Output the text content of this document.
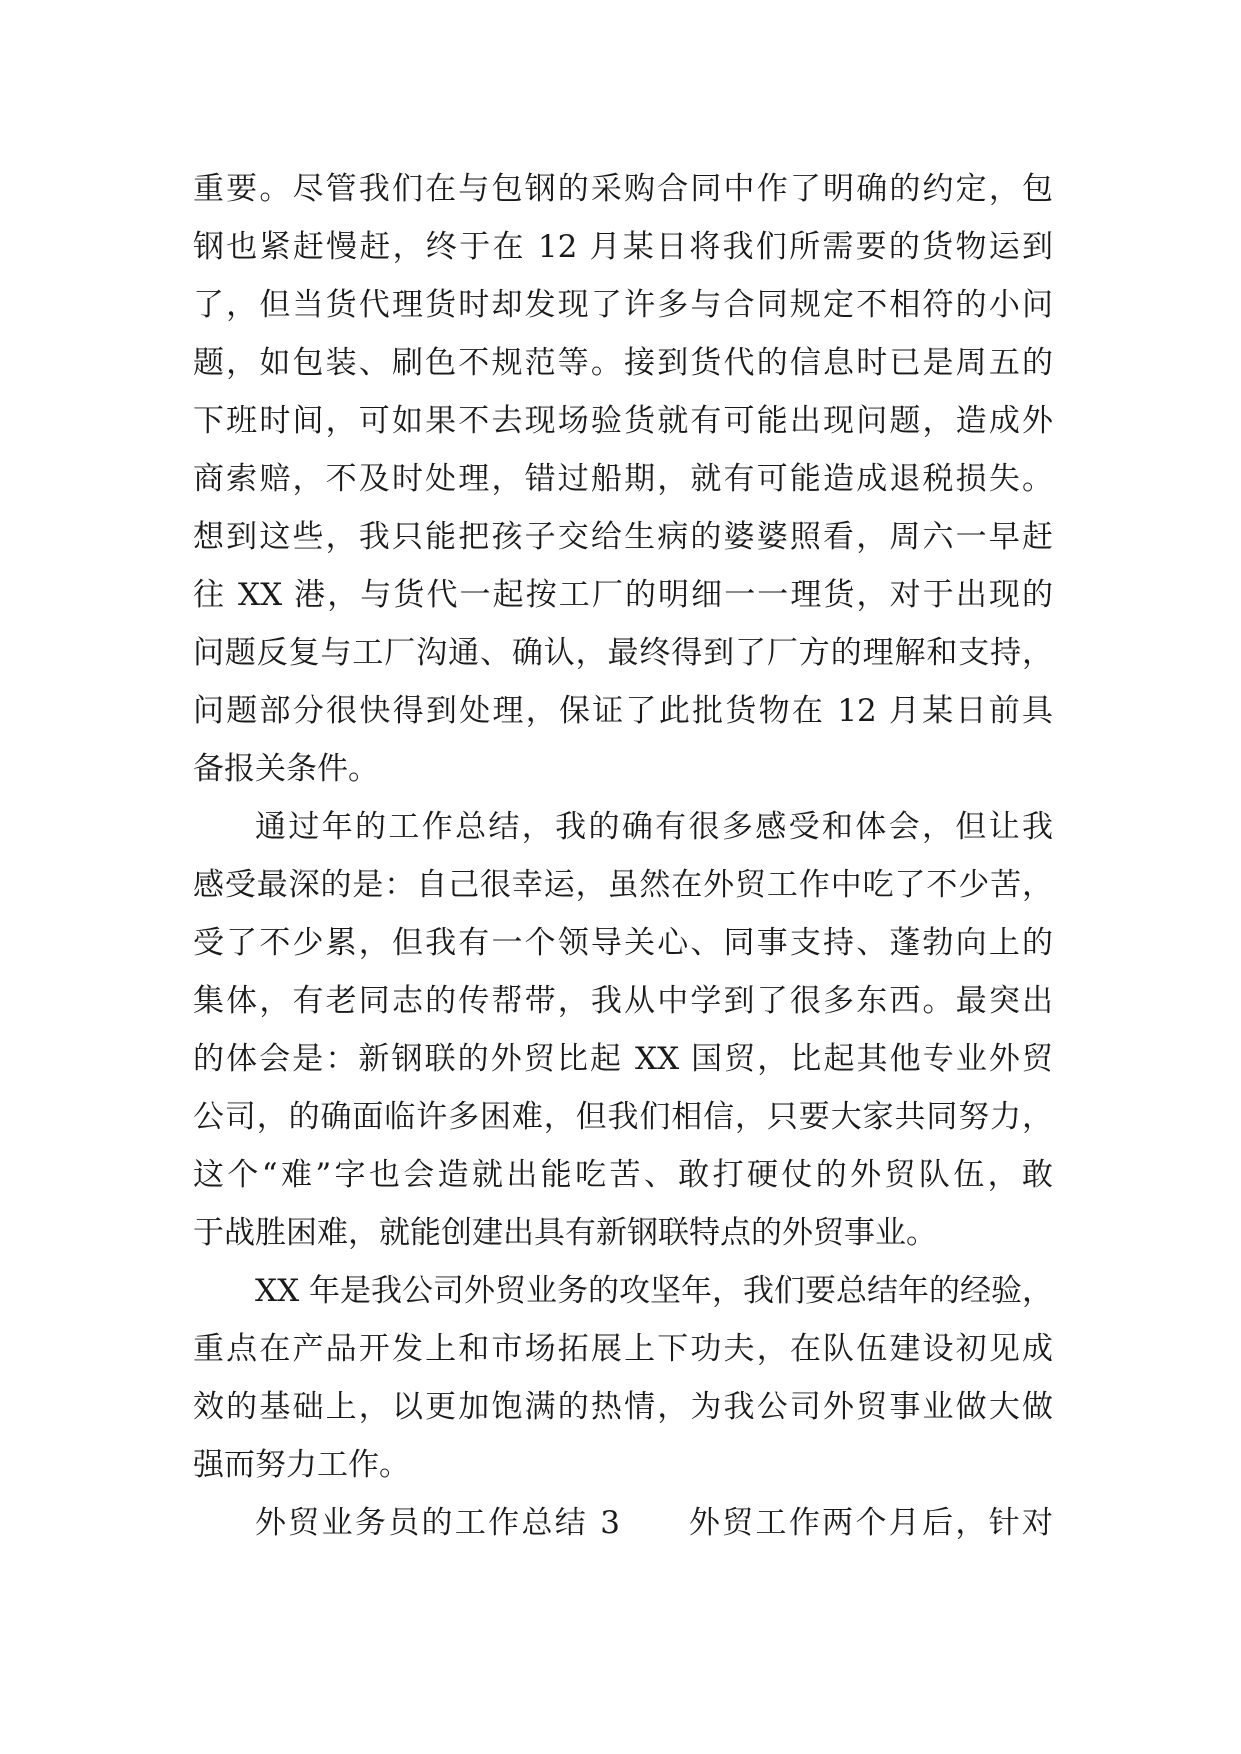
重要。尽管我们在与包钢的采购合同中作了明确的约定，包
钢也紧赶慢赶，终于在 12 月某日将我们所需要的货物运到
了，但当货代理货时却发现了许多与合同规定不相符的小问
题，如包装、刷色不规范等。接到货代的信息时已是周五的
下班时间，可如果不去现场验货就有可能出现问题，造成外
商索赔，不及时处理，错过船期，就有可能造成退税损失。
想到这些，我只能把孩子交给生病的婆婆照看，周六一早赶
往 XX 港，与货代一起按工厂的明细一一理货，对于出现的
问题反复与工厂沟通、确认，最终得到了厂方的理解和支持，
问题部分很快得到处理，保证了此批货物在 12 月某日前具
备报关条件。
通过年的工作总结，我的确有很多感受和体会，但让我
感受最深的是：自己很幸运，虽然在外贸工作中吃了不少苦，
受了不少累，但我有一个领导关心、同事支持、蓬勃向上的
集体，有老同志的传帮带，我从中学到了很多东西。最突出
的体会是：新钢联的外贸比起 XX 国贸，比起其他专业外贸
公司，的确面临许多困难，但我们相信，只要大家共同努力，
这个“难”字也会造就出能吃苦、敢打硬仗的外贸队伍，敢
于战胜困难，就能创建出具有新钢联特点的外贸事业。
XX 年是我公司外贸业务的攻坚年，我们要总结年的经验，
重点在产品开发上和市场拓展上下功夫，在队伍建设初见成
效的基础上，以更加饱满的热情，为我公司外贸事业做大做
强而努力工作。
外贸业务员的工作总结 3　　外贸工作两个月后，针对
